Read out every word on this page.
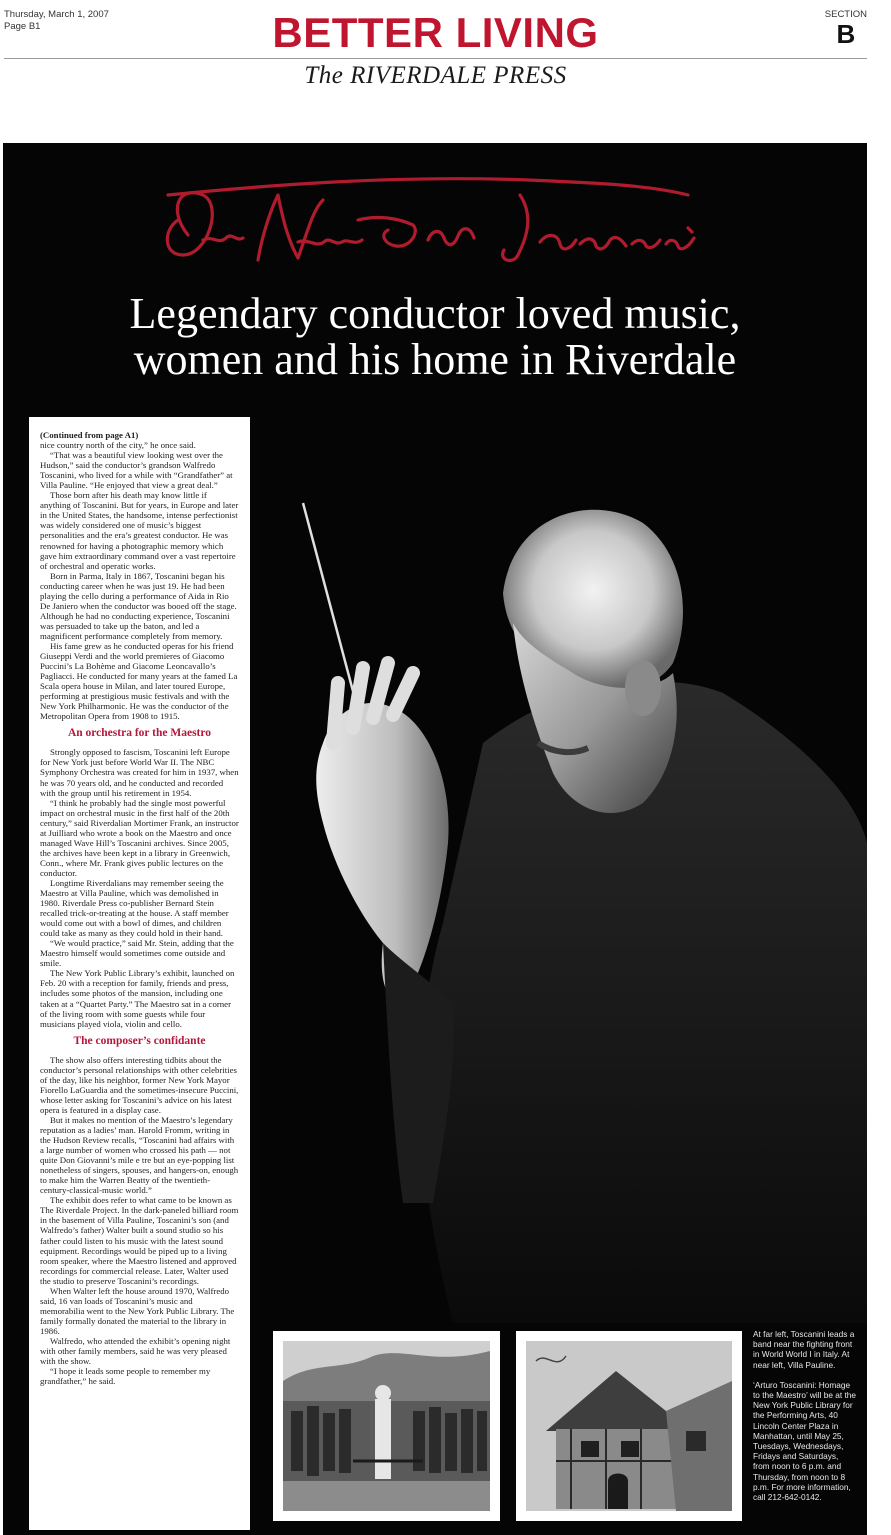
Thursday, March 1, 2007
Page B1	BETTER LIVING	SECTION
B
The RIVERDALE PRESS
Legendary conductor loved music,
women and his home in Riverdale

(Continued from page A1)
nice country north of the city,” he once said.

“That was a beautiful view looking west over the Hudson,” said the conductor’s grandson Walfredo Toscanini, who lived for a while with “Grandfather” at Villa Pauline. “He enjoyed that view a great deal.”

Those born after his death may know little if anything of Toscanini. But for years, in Europe and later in the United States, the handsome, intense perfectionist was widely considered one of music’s biggest personalities and the era’s greatest conductor. He was renowned for having a photographic memory which gave him extraordinary command over a vast repertoire of orchestral and operatic works.

Born in Parma, Italy in 1867, Toscanini began his conducting career when he was just 19. He had been playing the cello during a performance of Aida in Rio De Janiero when the conductor was booed off the stage. Although he had no conducting experience, Toscanini was persuaded to take up the baton, and led a magnificent performance completely from memory.

His fame grew as he conducted operas for his friend Giuseppi Verdi and the world premieres of Giacomo Puccini’s La Bohème and Giacome Leoncavallo’s Pagliacci. He conducted for many years at the famed La Scala opera house in Milan, and later toured Europe, performing at prestigious music festivals and with the New York Philharmonic. He was the conductor of the Metropolitan Opera from 1908 to 1915.

An orchestra for the Maestro

Strongly opposed to fascism, Toscanini left Europe for New York just before World War II. The NBC Symphony Orchestra was created for him in 1937, when he was 70 years old, and he conducted and recorded with the group until his retirement in 1954.

“I think he probably had the single most powerful impact on orchestral music in the first half of the 20th century,” said Riverdalian Mortimer Frank, an instructor at Juilliard who wrote a book on the Maestro and once managed Wave Hill’s Toscanini archives. Since 2005, the archives have been kept in a library in Greenwich, Conn., where Mr. Frank gives public lectures on the conductor.

Longtime Riverdalians may remember seeing the Maestro at Villa Pauline, which was demolished in 1980. Riverdale Press co-publisher Bernard Stein recalled trick-or-treating at the house. A staff member would come out with a bowl of dimes, and children could take as many as they could hold in their hand.

“We would practice,” said Mr. Stein, adding that the Maestro himself would sometimes come outside and smile.

The New York Public Library’s exhibit, launched on Feb. 20 with a reception for family, friends and press, includes some photos of the mansion, including one taken at a “Quartet Party.” The Maestro sat in a corner of the living room with some guests while four musicians played viola, violin and cello.

The composer’s confidante

The show also offers interesting tidbits about the conductor’s personal relationships with other celebrities of the day, like his neighbor, former New York Mayor Fiorello LaGuardia and the sometimes-insecure Puccini, whose letter asking for Toscanini’s advice on his latest opera is featured in a display case.

But it makes no mention of the Maestro’s legendary reputation as a ladies’ man. Harold Fromm, writing in the Hudson Review recalls, “Toscanini had affairs with a large number of women who crossed his path — not quite Don Giovanni’s mile e tre but an eye-popping list nonetheless of singers, spouses, and hangers-on, enough to make him the Warren Beatty of the twentieth-century-classical-music world.”

The exhibit does refer to what came to be known as The Riverdale Project. In the dark-paneled billiard room in the basement of Villa Pauline, Toscanini’s son (and Walfredo’s father) Walter built a sound studio so his father could listen to his music with the latest sound equipment. Recordings would be piped up to a living room speaker, where the Maestro listened and approved recordings for commercial release. Later, Walter used the studio to preserve Toscanini’s recordings.

When Walter left the house around 1970, Walfredo said, 16 van loads of Toscanini’s music and memorabilia went to the New York Public Library. The family formally donated the material to the library in 1986.

Walfredo, who attended the exhibit’s opening night with other family members, said he was very pleased with the show.

“I hope it leads some people to remember my grandfather,” he said.

At far left, Toscanini leads a band near the fighting front in World World I in Italy. At near left, Villa Pauline.

‘Arturo Toscanini: Homage to the Maestro’ will be at the New York Public Library for the Performing Arts, 40 Lincoln Center Plaza in Manhattan, until May 25, Tuesdays, Wednesdays, Fridays and Saturdays, from noon to 6 p.m. and Thursday, from noon to 8 p.m. For more information, call 212-642-0142.
